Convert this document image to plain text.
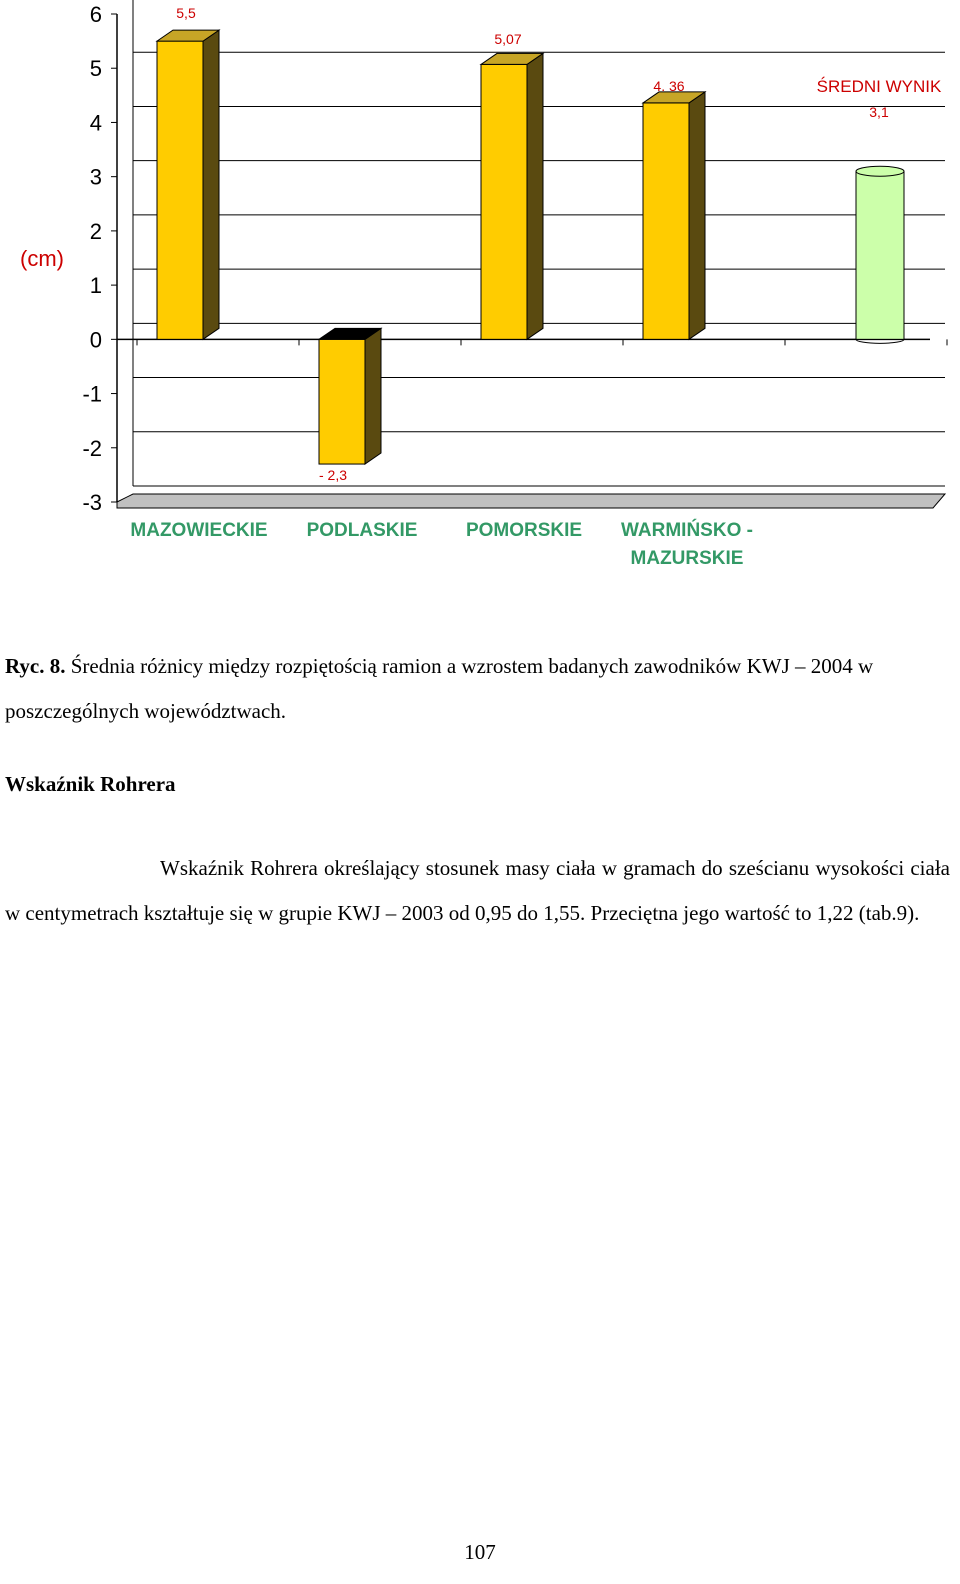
6
5
4
3
2
1
0
-1
-2
-3
(cm)
5,5
- 2,3
5,07
4. 36
3,1
ŚREDNI WYNIK
MAZOWIECKIE PODLASKIE	POMORSKIE WARMIŃSKO -
MAZURSKIE
Ryc. 8. Średnia różnicy między rozpiętością ramion a wzrostem badanych zawodników KWJ – 2004 w poszczególnych województwach.
Wskaźnik Rohrera
Wskaźnik Rohrera określający stosunek masy ciała w gramach do sześcianu wysokości ciała w centymetrach kształtuje się w grupie KWJ – 2003 od 0,95 do 1,55. Przeciętna jego wartość to 1,22 (tab.9).
107
